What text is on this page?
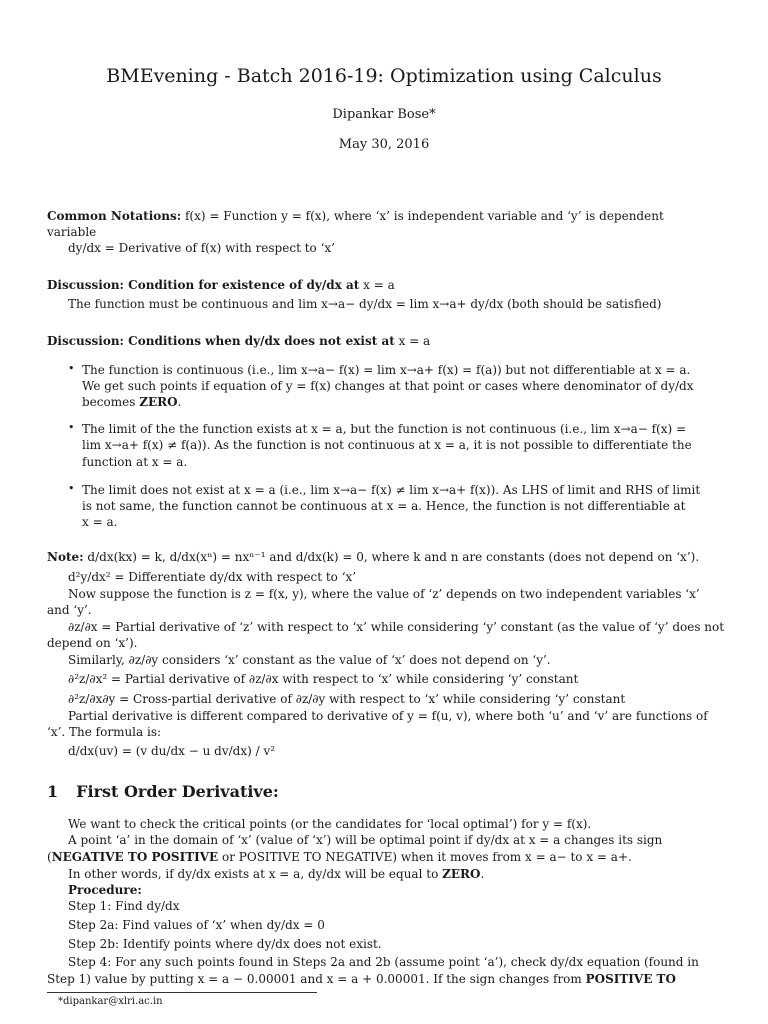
BMEvening - Batch 2016-19: Optimization using Calculus
Dipankar Bose*
May 30, 2016
Common Notations: f(x) = Function y = f(x), where ‘x’ is independent variable and ‘y’ is dependent
variable
dy/dx = Derivative of f(x) with respect to ‘x’
Discussion: Condition for existence of dy/dx at x = a
The function must be continuous and lim x→a− dy/dx = lim x→a+ dy/dx (both should be satisfied)
Discussion: Conditions when dy/dx does not exist at x = a
The function is continuous (i.e., lim x→a− f(x) = lim x→a+ f(x) = f(a)) but not differentiable at x = a.
We get such points if equation of y = f(x) changes at that point or cases where denominator of dy/dx
becomes ZERO.
The limit of the the function exists at x = a, but the function is not continuous (i.e., lim x→a− f(x) =
lim x→a+ f(x) ≠ f(a)). As the function is not continuous at x = a, it is not possible to differentiate the
function at x = a.
The limit does not exist at x = a (i.e., lim x→a− f(x) ≠ lim x→a+ f(x)). As LHS of limit and RHS of limit
is not same, the function cannot be continuous at x = a. Hence, the function is not differentiable at
x = a.
Note: d/dx(kx) = k, d/dx(xⁿ) = nxⁿ⁻¹ and d/dx(k) = 0, where k and n are constants (does not depend on ‘x’).
d²y/dx² = Differentiate dy/dx with respect to ‘x’
Now suppose the function is z = f(x, y), where the value of ‘z’ depends on two independent variables ‘x’
and ‘y’.
∂z/∂x = Partial derivative of ‘z’ with respect to ‘x’ while considering ‘y’ constant (as the value of ‘y’ does not
depend on ‘x’).
Similarly, ∂z/∂y considers ‘x’ constant as the value of ‘x’ does not depend on ‘y’.
∂²z/∂x² = Partial derivative of ∂z/∂x with respect to ‘x’ while considering ‘y’ constant
∂²z/∂x∂y = Cross-partial derivative of ∂z/∂y with respect to ‘x’ while considering ‘y’ constant
Partial derivative is different compared to derivative of y = f(u, v), where both ‘u’ and ‘v’ are functions of
‘x’. The formula is:
d/dx(uv) = (v du/dx − u dv/dx) / v²
We want to check the critical points (or the candidates for ‘local optimal’) for y = f(x).
A point ‘a’ in the domain of ‘x’ (value of ‘x’) will be optimal point if dy/dx at x = a changes its sign
(NEGATIVE TO POSITIVE or POSITIVE TO NEGATIVE) when it moves from x = a− to x = a+.
In other words, if dy/dx exists at x = a, dy/dx will be equal to ZERO.
Procedure:
Step 1: Find dy/dx
Step 2a: Find values of ‘x’ when dy/dx = 0
Step 2b: Identify points where dy/dx does not exist.
Step 4: For any such points found in Steps 2a and 2b (assume point ‘a’), check dy/dx equation (found in
Step 1) value by putting x = a − 0.00001 and x = a + 0.00001. If the sign changes from POSITIVE TO
•
•
•
1 First Order Derivative:
*dipankar@xlri.ac.in
